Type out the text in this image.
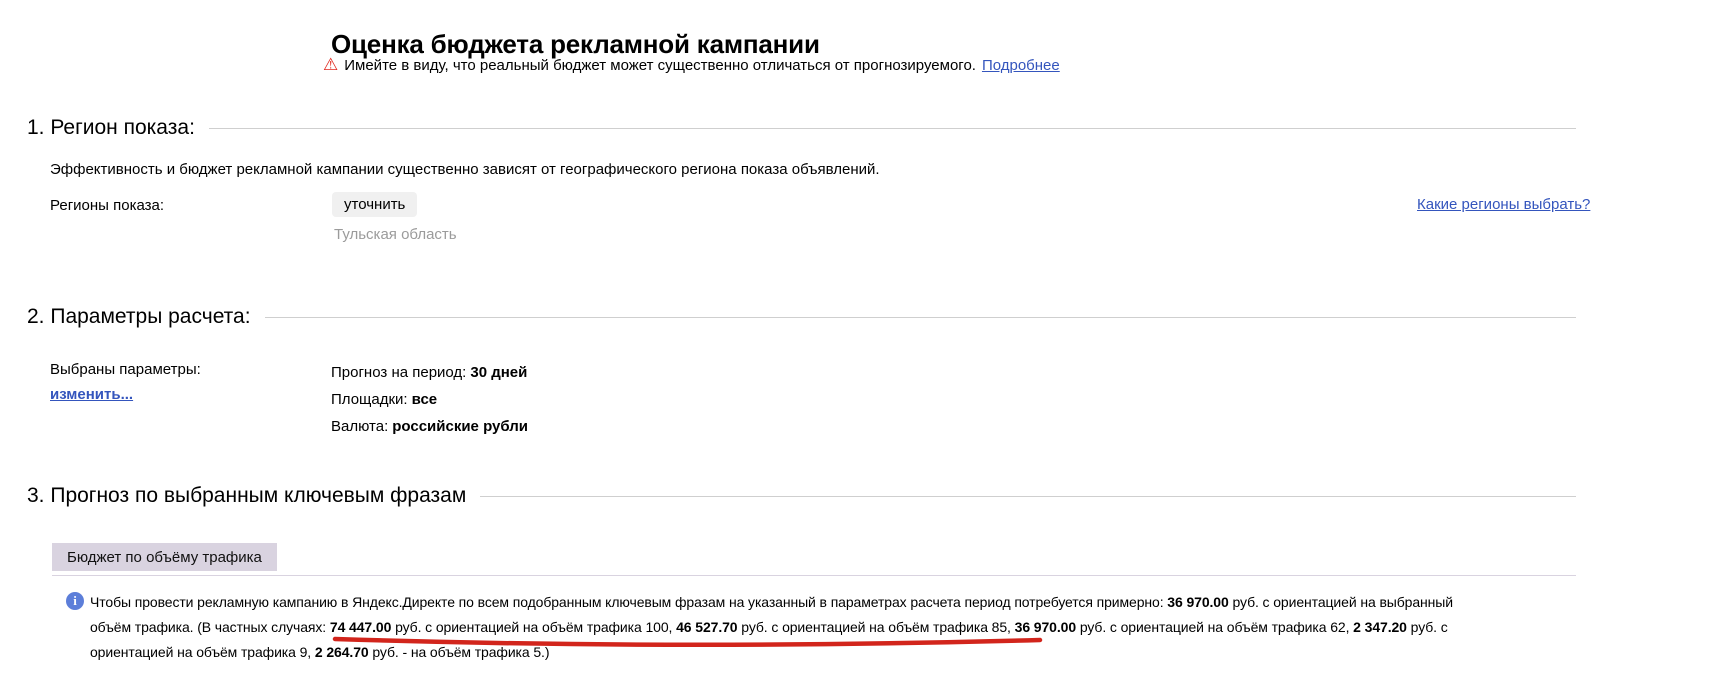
Оценка бюджета рекламной кампании
⚠ Имейте в виду, что реальный бюджет может существенно отличаться от прогнозируемого. Подробнее
1. Регион показа:
Эффективность и бюджет рекламной кампании существенно зависят от географического региона показа объявлений.
Регионы показа:	уточнить
Тульская область
Какие регионы выбрать?
2. Параметры расчета:
Выбраны параметры:
изменить...
Прогноз на период: 30 дней
Площадки: все
Валюта: российские рубли
3. Прогноз по выбранным ключевым фразам
Бюджет по объёму трафика
i Чтобы провести рекламную кампанию в Яндекс.Директе по всем подобранным ключевым фразам на указанный в параметрах расчета период потребуется примерно: 36 970.00 руб. с ориентацией на выбранный
объём трафика. (В частных случаях: 74 447.00 руб. с ориентацией на объём трафика 100, 46 527.70 руб. с ориентацией на объём трафика 85, 36 970.00 руб. с ориентацией на объём трафика 62, 2 347.20 руб. с
ориентацией на объём трафика 9, 2 264.70 руб. - на объём трафика 5.)
